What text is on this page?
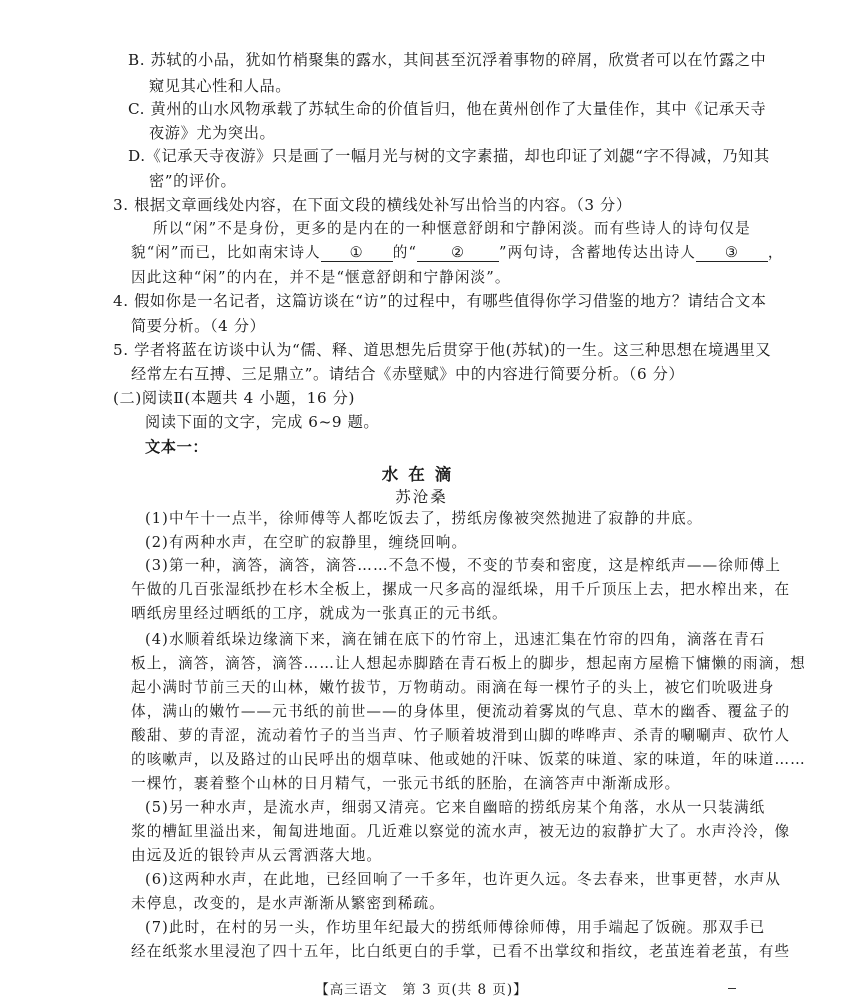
B. 苏轼的小品，犹如竹梢聚集的露水，其间甚至沉浮着事物的碎屑，欣赏者可以在竹露之中
窥见其心性和人品。
C. 黄州的山水风物承载了苏轼生命的价值旨归，他在黄州创作了大量佳作，其中《记承天寺
夜游》尤为突出。
D.《记承天寺夜游》只是画了一幅月光与树的文字素描，却也印证了刘勰“字不得减，乃知其
密”的评价。
3. 根据文章画线处内容，在下面文段的横线处补写出恰当的内容。（3 分）
所以“闲”不是身份，更多的是内在的一种惬意舒朗和宁静闲淡。而有些诗人的诗句仅是
貌“闲”而已，比如南宋诗人 ① 的“ ② ”两句诗，含蓄地传达出诗人 ③ ，
因此这种“闲”的内在，并不是“惬意舒朗和宁静闲淡”。
4. 假如你是一名记者，这篇访谈在“访”的过程中，有哪些值得你学习借鉴的地方？请结合文本
简要分析。（4 分）
5. 学者将蓝在访谈中认为“儒、释、道思想先后贯穿于他(苏轼)的一生。这三种思想在境遇里又
经常左右互搏、三足鼎立”。请结合《赤壁赋》中的内容进行简要分析。（6 分）
(二)阅读Ⅱ(本题共 4 小题，16 分)
阅读下面的文字，完成 6~9 题。
文本一：
水在滴
苏沧桑
(1)中午十一点半，徐师傅等人都吃饭去了，捞纸房像被突然抛进了寂静的井底。
(2)有两种水声，在空旷的寂静里，缠绕回响。
(3)第一种，滴答，滴答，滴答……不急不慢，不变的节奏和密度，这是榨纸声——徐师傅上
午做的几百张湿纸抄在杉木全板上，摞成一尺多高的湿纸垛，用千斤顶压上去，把水榨出来，在
晒纸房里经过晒纸的工序，就成为一张真正的元书纸。
(4)水顺着纸垛边缘滴下来，滴在铺在底下的竹帘上，迅速汇集在竹帘的四角，滴落在青石
板上，滴答，滴答，滴答……让人想起赤脚踏在青石板上的脚步，想起南方屋檐下慵懒的雨滴，想
起小满时节前三天的山林，嫩竹拔节，万物萌动。雨滴在每一棵竹子的头上，被它们吮吸进身
体，满山的嫩竹——元书纸的前世——的身体里，便流动着雾岚的气息、草木的幽香、覆盆子的
酸甜、萝的青涩，流动着竹子的当当声、竹子顺着坡滑到山脚的哗哗声、杀青的唰唰声、砍竹人
的咳嗽声，以及路过的山民呼出的烟草味、他或她的汗味、饭菜的味道、家的味道，年的味道……
一棵竹，裹着整个山林的日月精气，一张元书纸的胚胎，在滴答声中渐渐成形。
(5)另一种水声，是流水声，细弱又清亮。它来自幽暗的捞纸房某个角落，水从一只装满纸
浆的槽缸里溢出来，匍匐进地面。几近难以察觉的流水声，被无边的寂静扩大了。水声泠泠，像
由远及近的银铃声从云霄洒落大地。
(6)这两种水声，在此地，已经回响了一千多年，也许更久远。冬去春来，世事更替，水声从
未停息，改变的，是水声渐渐从繁密到稀疏。
(7)此时，在村的另一头，作坊里年纪最大的捞纸师傅徐师傅，用手端起了饭碗。那双手已
经在纸浆水里浸泡了四十五年，比白纸更白的手掌，已看不出掌纹和指纹，老茧连着老茧，有些
【高三语文　第 3 页(共 8 页)】
